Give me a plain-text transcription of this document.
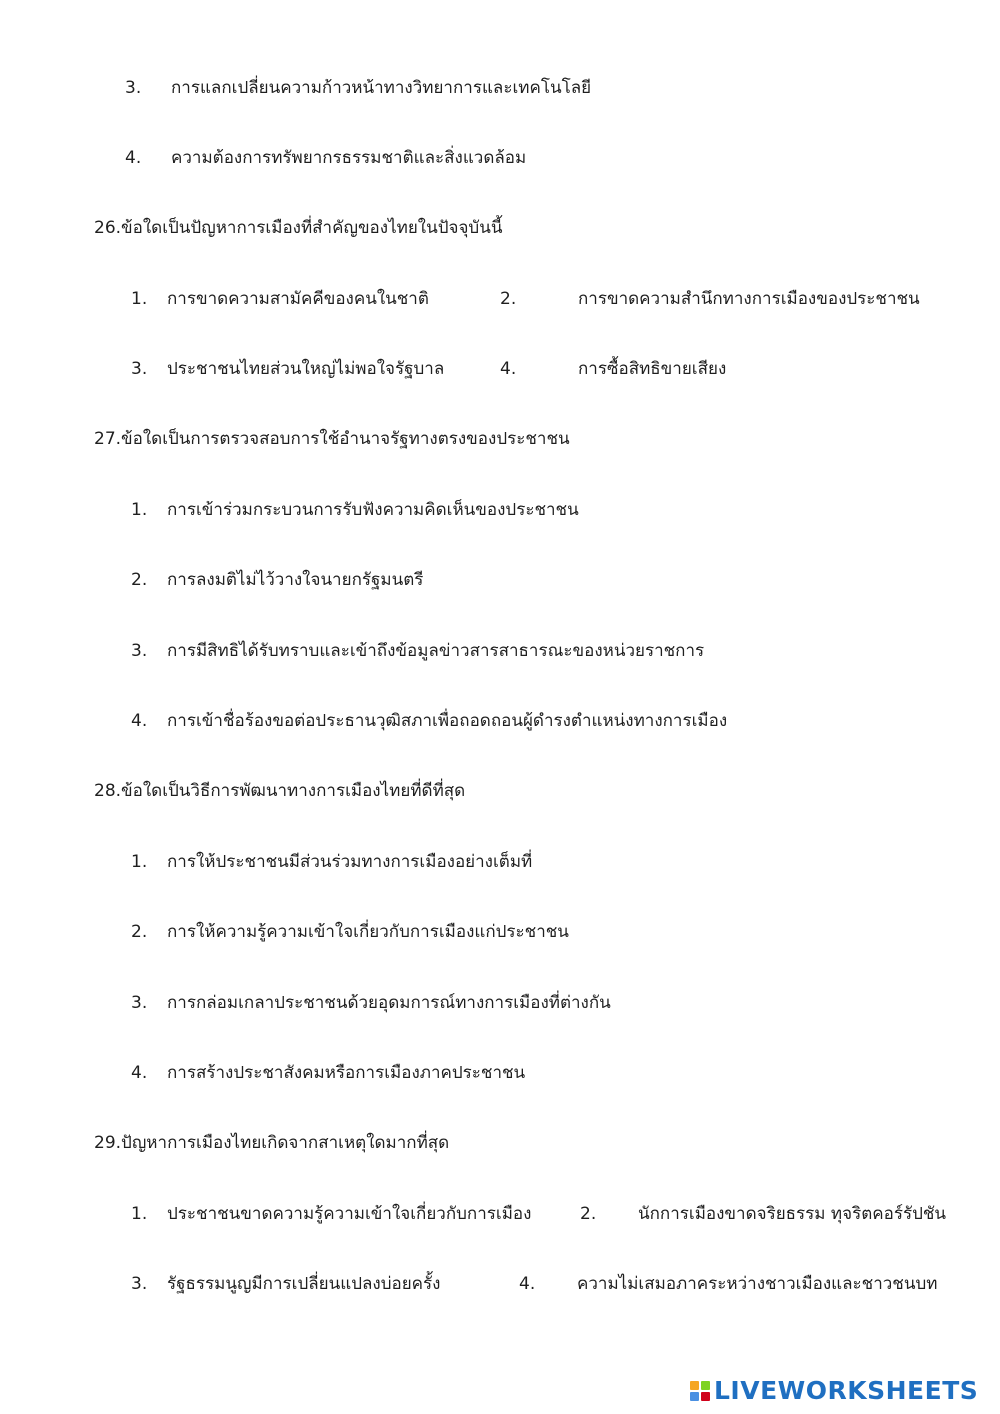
3. การแลกเปลี่ยนความก้าวหน้าทางวิทยาการและเทคโนโลยี
4. ความต้องการทรัพยากรธรรมชาติและสิ่งแวดล้อม
26.ข้อใดเป็นปัญหาการเมืองที่สำคัญของไทยในปัจจุบันนี้
1. การขาดความสามัคคีของคนในชาติ	2.	การขาดความสำนึกทางการเมืองของประชาชน
3. ประชาชนไทยส่วนใหญ่ไม่พอใจรัฐบาล	4.	การซื้อสิทธิขายเสียง
27.ข้อใดเป็นการตรวจสอบการใช้อำนาจรัฐทางตรงของประชาชน
1. การเข้าร่วมกระบวนการรับฟังความคิดเห็นของประชาชน
2. การลงมติไม่ไว้วางใจนายกรัฐมนตรี
3. การมีสิทธิได้รับทราบและเข้าถึงข้อมูลข่าวสารสาธารณะของหน่วยราชการ
4. การเข้าชื่อร้องขอต่อประธานวุฒิสภาเพื่อถอดถอนผู้ดำรงตำแหน่งทางการเมือง
28.ข้อใดเป็นวิธีการพัฒนาทางการเมืองไทยที่ดีที่สุด
1. การให้ประชาชนมีส่วนร่วมทางการเมืองอย่างเต็มที่
2. การให้ความรู้ความเข้าใจเกี่ยวกับการเมืองแก่ประชาชน
3. การกล่อมเกลาประชาชนด้วยอุดมการณ์ทางการเมืองที่ต่างกัน
4. การสร้างประชาสังคมหรือการเมืองภาคประชาชน
29.ปัญหาการเมืองไทยเกิดจากสาเหตุใดมากที่สุด
1. ประชาชนขาดความรู้ความเข้าใจเกี่ยวกับการเมือง	2. นักการเมืองขาดจริยธรรม ทุจริตคอร์รัปชัน
3. รัฐธรรมนูญมีการเปลี่ยนแปลงบ่อยครั้ง	4. ความไม่เสมอภาคระหว่างชาวเมืองและชาวชนบท
LIVEWORKSHEETS
